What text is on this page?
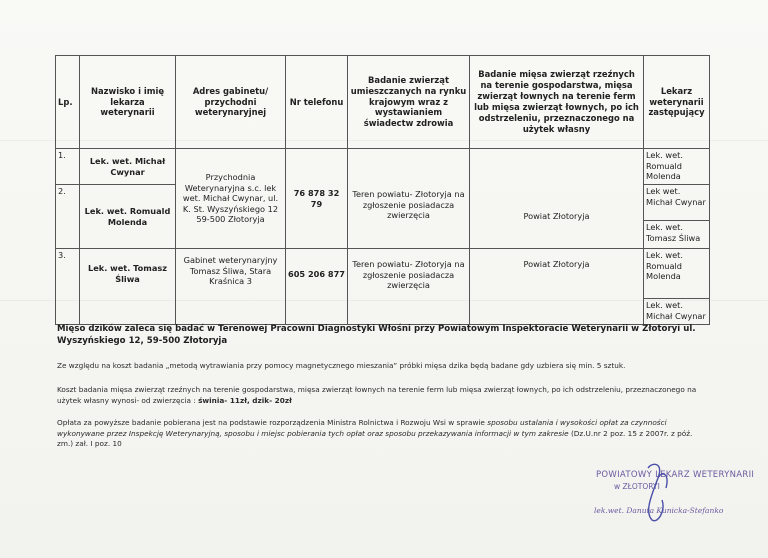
Lp.	Nazwisko i imię lekarza weterynarii	Adres gabinetu/ przychodni weterynaryjnej	Nr telefonu	Badanie zwierząt umieszczanych na rynku krajowym wraz z wystawianiem świadectw zdrowia	Badanie mięsa zwierząt rzeźnych na terenie gospodarstwa, mięsa zwierząt łownych na terenie ferm lub mięsa zwierząt łownych, po ich odstrzeleniu, przeznaczonego na użytek własny	Lekarz weterynarii zastępujący
1.	Lek. wet. Michał Cwynar	Przychodnia Weterynaryjna s.c. lek wet. Michał Cwynar, ul. K. St. Wyszyńskiego 12 59-500 Złotoryja	76 878 32 79	Teren powiatu- Złotoryja na zgłoszenie posiadacza zwierzęcia	Powiat Złotoryja	Lek. wet. Romuald Molenda
2.	Lek. wet. Romuald Molenda					Lek wet. Michał Cwynar
						Lek. wet. Tomasz Śliwa
3.	Lek. wet. Tomasz Śliwa	Gabinet weterynaryjny Tomasz Śliwa, Stara Kraśnica 3	605 206 877	Teren powiatu- Złotoryja na zgłoszenie posiadacza zwierzęcia	Powiat Złotoryja	Lek. wet. Romuald Molenda
						Lek. wet. Michał Cwynar
Mięso dzików zaleca się badać w Terenowej Pracowni Diagnostyki Włośni przy Powiatowym Inspektoracie Weterynarii w Złotoryi ul. Wyszyńskiego 12, 59-500 Złotoryja
Ze względu na koszt badania „metodą wytrawiania przy pomocy magnetycznego mieszania” próbki mięsa dzika będą badane gdy uzbiera się min. 5 sztuk.
Koszt badania mięsa zwierząt rzeźnych na terenie gospodarstwa, mięsa zwierząt łownych na terenie ferm lub mięsa zwierząt łownych, po ich odstrzeleniu, przeznaczonego na użytek własny wynosi- od zwierzęcia : świnia- 11zł, dzik- 20zł
Opłata za powyższe badanie pobierana jest na podstawie rozporządzenia Ministra Rolnictwa i Rozwoju Wsi w sprawie sposobu ustalania i wysokości opłat za czynności wykonywane przez Inspekcję Weterynaryjną, sposobu i miejsc pobierania tych opłat oraz sposobu przekazywania informacji w tym zakresie (Dz.U.nr 2 poz. 15 z 2007r. z póź. zm.) zał. I poz. 10
POWIATOWY LEKARZ WETERYNARII
w ZŁOTORYI
lek.wet. Danuta Kunicka-Stefanko
